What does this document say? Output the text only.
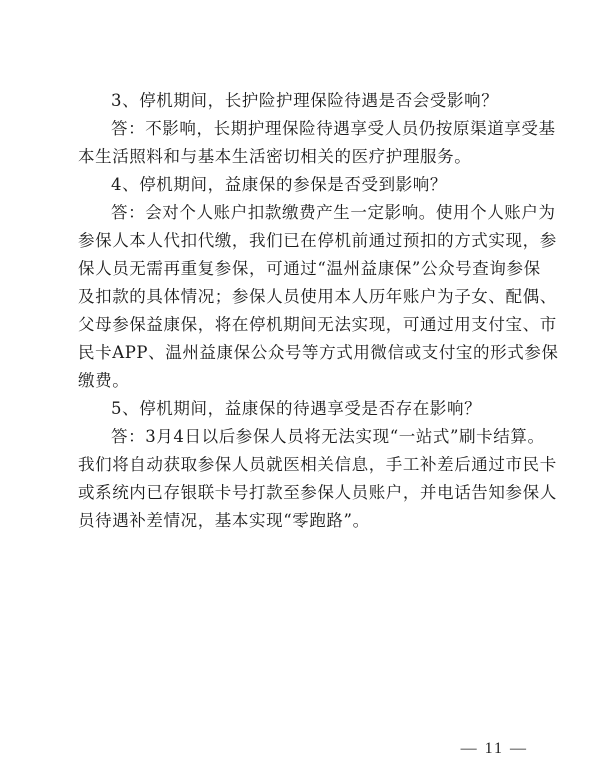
3、停机期间，长护险护理保险待遇是否会受影响？

答：不影响，长期护理保险待遇享受人员仍按原渠道享受基
本生活照料和与基本生活密切相关的医疗护理服务。

4、停机期间，益康保的参保是否受到影响？

答：会对个人账户扣款缴费产生一定影响。使用个人账户为
参保人本人代扣代缴，我们已在停机前通过预扣的方式实现，参
保人员无需再重复参保，可通过“温州益康保”公众号查询参保
及扣款的具体情况；参保人员使用本人历年账户为子女、配偶、
父母参保益康保，将在停机期间无法实现，可通过用支付宝、市
民卡APP、温州益康保公众号等方式用微信或支付宝的形式参保
缴费。

5、停机期间，益康保的待遇享受是否存在影响？

答：3月4日以后参保人员将无法实现“一站式”刷卡结算。
我们将自动获取参保人员就医相关信息，手工补差后通过市民卡
或系统内已存银联卡号打款至参保人员账户，并电话告知参保人
员待遇补差情况，基本实现“零跑路”。

— 11 —
